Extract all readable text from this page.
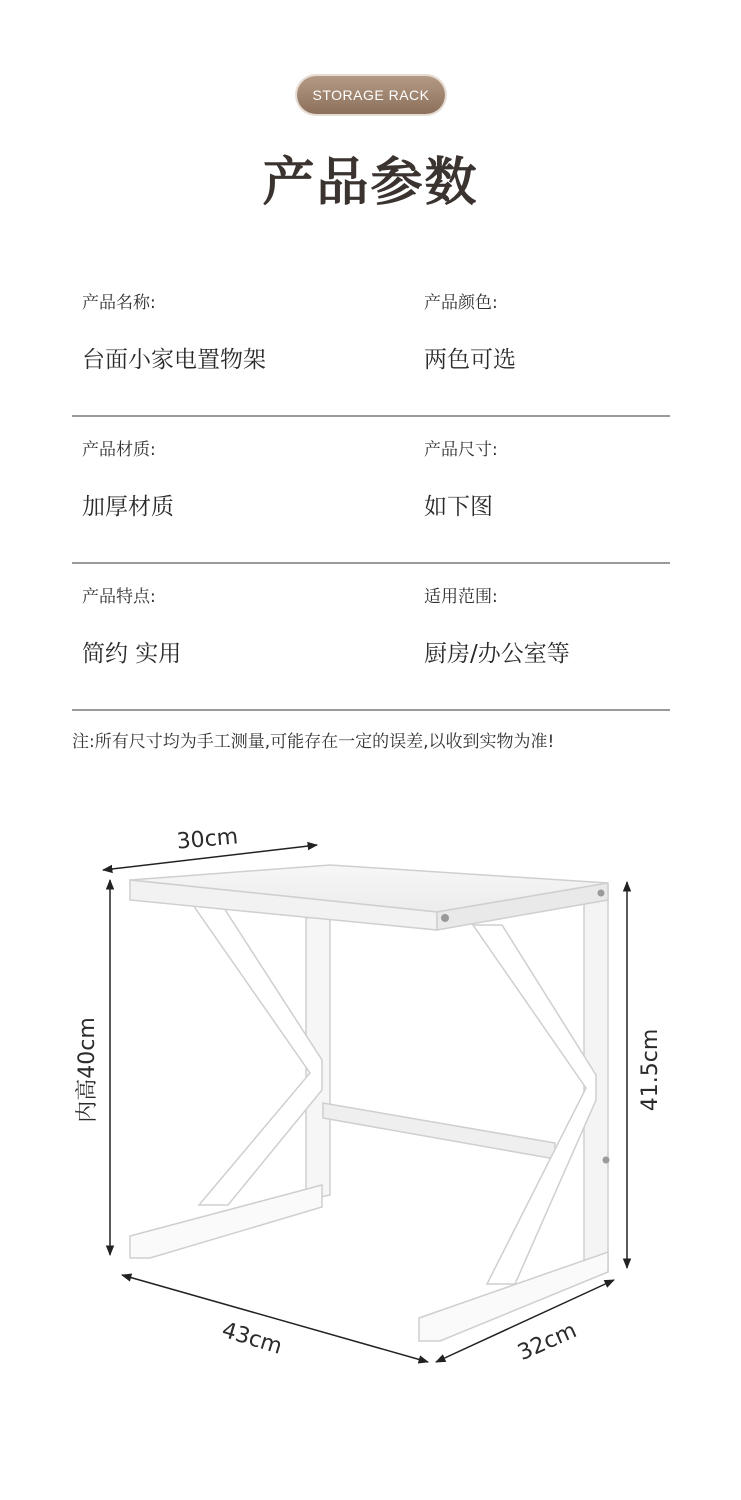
STORAGE RACK
产品参数
产品名称:
台面小家电置物架
产品颜色:
两色可选
产品材质:
加厚材质
产品尺寸:
如下图
产品特点:
简约 实用
适用范围:
厨房/办公室等
注:所有尺寸均为手工测量,可能存在一定的误差,以收到实物为准!
30cm
内高40cm	41.5cm
43cm	32cm
